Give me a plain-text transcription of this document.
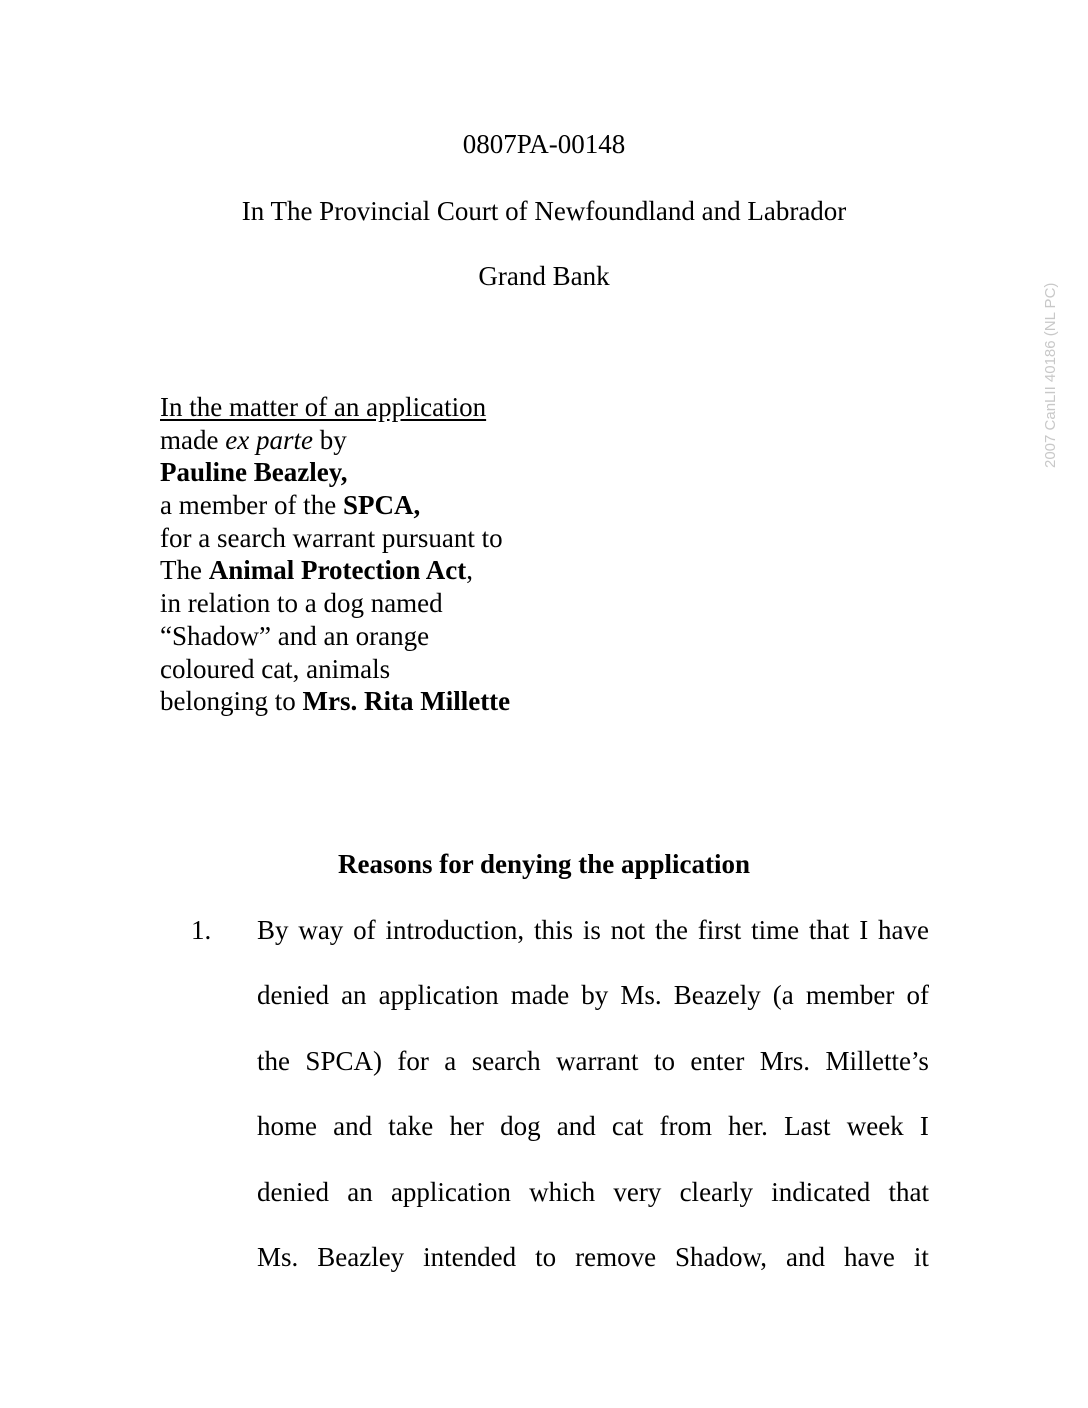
0807PA-00148
In The Provincial Court of Newfoundland and Labrador
Grand Bank
In the matter of an application
made ex parte by
Pauline Beazley,
a member of the SPCA,
for a search warrant pursuant to
The Animal Protection Act,
in relation to a dog named
“Shadow” and an orange
coloured cat, animals
belonging to Mrs. Rita Millette
Reasons for denying the application
1. By way of introduction, this is not the first time that I have
denied an application made by Ms. Beazely (a member of
the SPCA) for a search warrant to enter Mrs. Millette’s
home and take her dog and cat from her. Last week I
denied an application which very clearly indicated that
Ms. Beazley intended to remove Shadow, and have it
2007 CanLII 40186 (NL PC)
